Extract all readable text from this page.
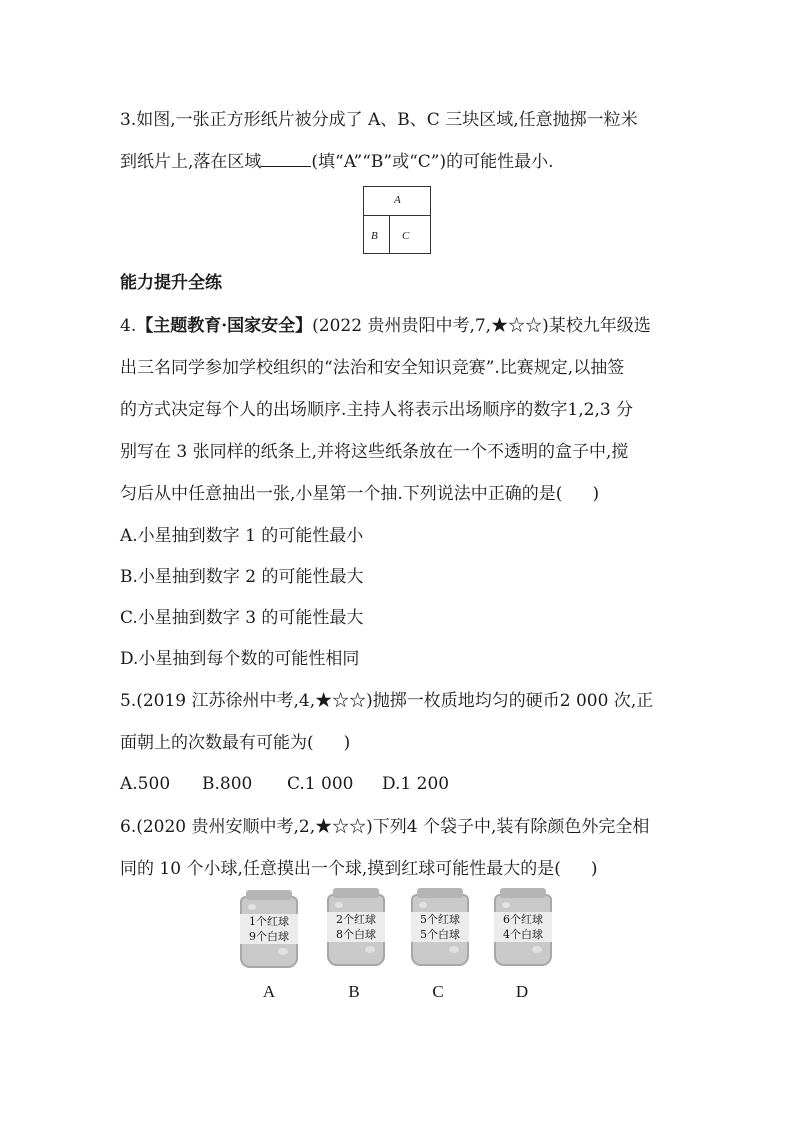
3.如图,一张正方形纸片被分成了 A、B、C 三块区域,任意抛掷一粒米
到纸片上,落在区域	(填“A”“B”或“C”)的可能性最小.
A
B C
能力提升全练
4.【主题教育·国家安全】(2022 贵州贵阳中考,7,★☆☆)某校九年级选
出三名同学参加学校组织的“法治和安全知识竞赛”.比赛规定,以抽签
的方式决定每个人的出场顺序.主持人将表示出场顺序的数字1,2,3 分
别写在 3 张同样的纸条上,并将这些纸条放在一个不透明的盒子中,搅
匀后从中任意抽出一张,小星第一个抽.下列说法中正确的是( )
A.小星抽到数字 1 的可能性最小
B.小星抽到数字 2 的可能性最大
C.小星抽到数字 3 的可能性最大
D.小星抽到每个数的可能性相同
5.(2019 江苏徐州中考,4,★☆☆)抛掷一枚质地均匀的硬币2 000 次,正
面朝上的次数最有可能为( )
A.500 B.800 C.1 000 D.1 200
6.(2020 贵州安顺中考,2,★☆☆)下列4 个袋子中,装有除颜色外完全相
同的 10 个小球,任意摸出一个球,摸到红球可能性最大的是( )
1个红球
9个白球
2个红球
8个白球
5个红球
5个白球
6个红球
4个白球
A	B	C	D
